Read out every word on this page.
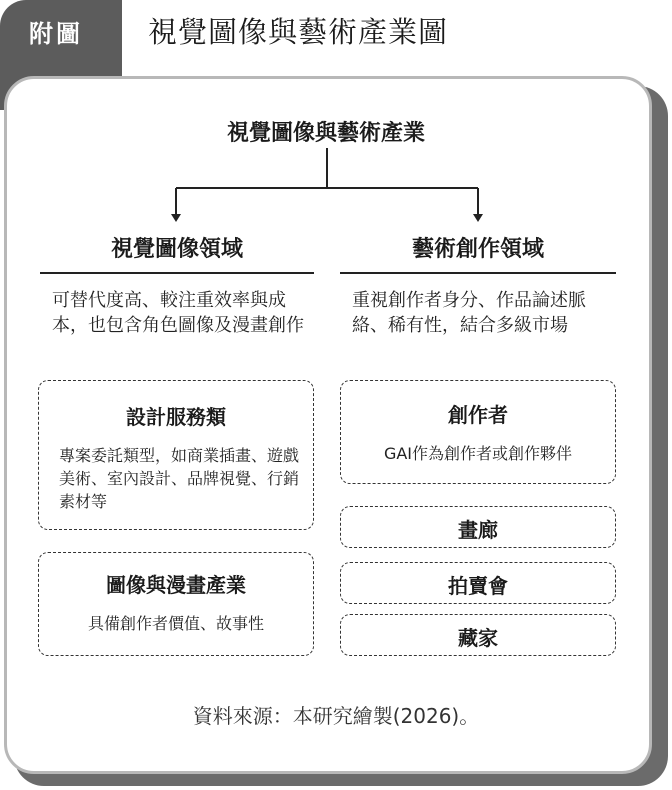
附圖	視覺圖像與藝術產業圖
視覺圖像與藝術產業
視覺圖像領域
可替代度高、較注重效率與成本，也包含角色圖像及漫畫創作
設計服務類
專案委託類型，如商業插畫、遊戲美術、室內設計、品牌視覺、行銷素材等
圖像與漫畫產業
具備創作者價值、故事性
藝術創作領域
重視創作者身分、作品論述脈絡、稀有性，結合多級市場
創作者
GAI作為創作者或創作夥伴
畫廊
拍賣會
藏家
資料來源：本研究繪製(2026)。
